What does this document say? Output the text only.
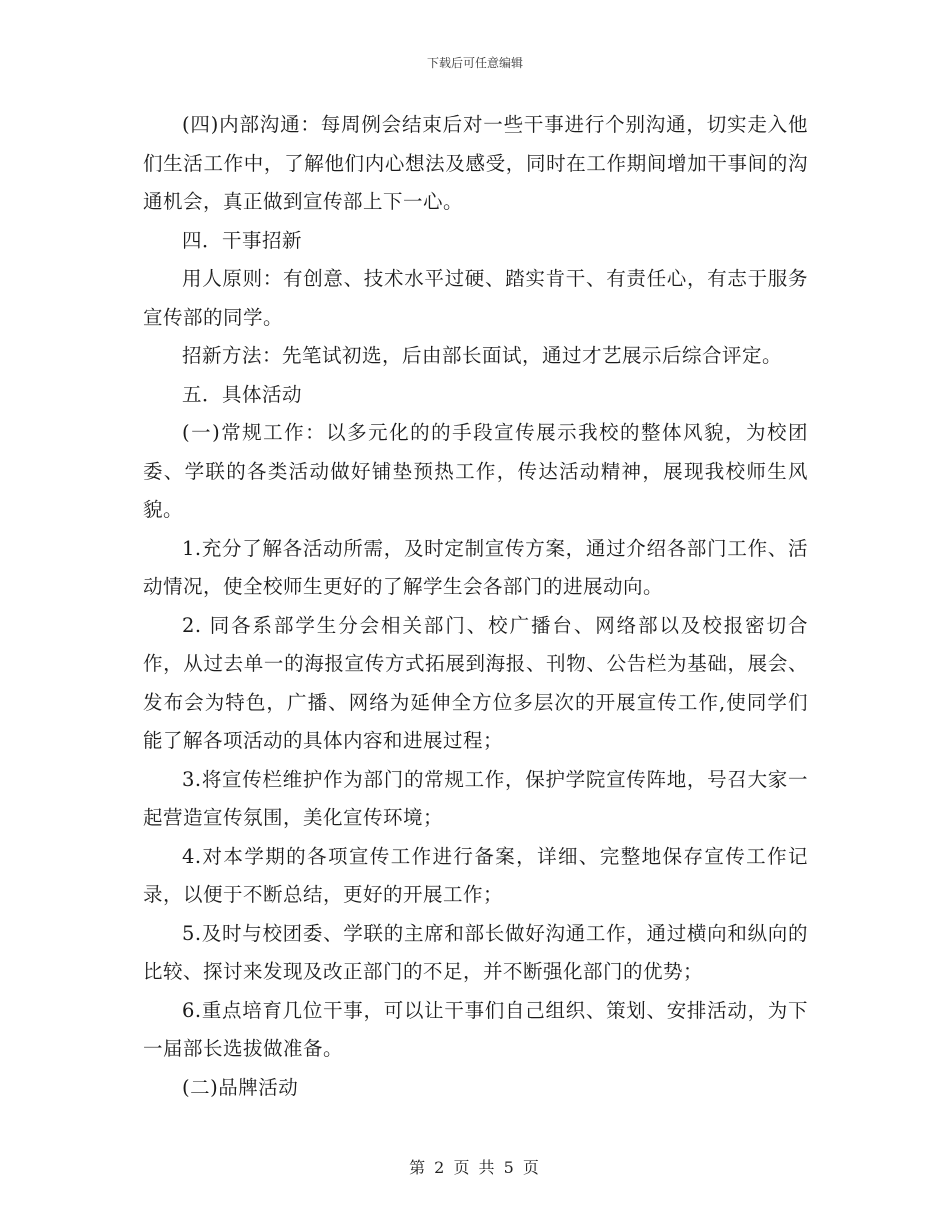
下载后可任意编辑

(四)内部沟通：每周例会结束后对一些干事进行个别沟通，切实走入他们生活工作中，了解他们内心想法及感受，同时在工作期间增加干事间的沟通机会，真正做到宣传部上下一心。

四．干事招新

用人原则：有创意、技术水平过硬、踏实肯干、有责任心，有志于服务宣传部的同学。

招新方法：先笔试初选，后由部长面试，通过才艺展示后综合评定。

五．具体活动

(一)常规工作：以多元化的的手段宣传展示我校的整体风貌，为校团委、学联的各类活动做好铺垫预热工作，传达活动精神，展现我校师生风貌。

1.充分了解各活动所需，及时定制宣传方案，通过介绍各部门工作、活动情况，使全校师生更好的了解学生会各部门的进展动向。

2. 同各系部学生分会相关部门、校广播台、网络部以及校报密切合作，从过去单一的海报宣传方式拓展到海报、刊物、公告栏为基础，展会、发布会为特色，广播、网络为延伸全方位多层次的开展宣传工作,使同学们能了解各项活动的具体内容和进展过程；

3.将宣传栏维护作为部门的常规工作，保护学院宣传阵地，号召大家一起营造宣传氛围，美化宣传环境；

4.对本学期的各项宣传工作进行备案，详细、完整地保存宣传工作记录，以便于不断总结，更好的开展工作；

5.及时与校团委、学联的主席和部长做好沟通工作，通过横向和纵向的比较、探讨来发现及改正部门的不足，并不断强化部门的优势；

6.重点培育几位干事，可以让干事们自己组织、策划、安排活动，为下一届部长选拔做准备。

(二)品牌活动

第 2 页 共 5 页
